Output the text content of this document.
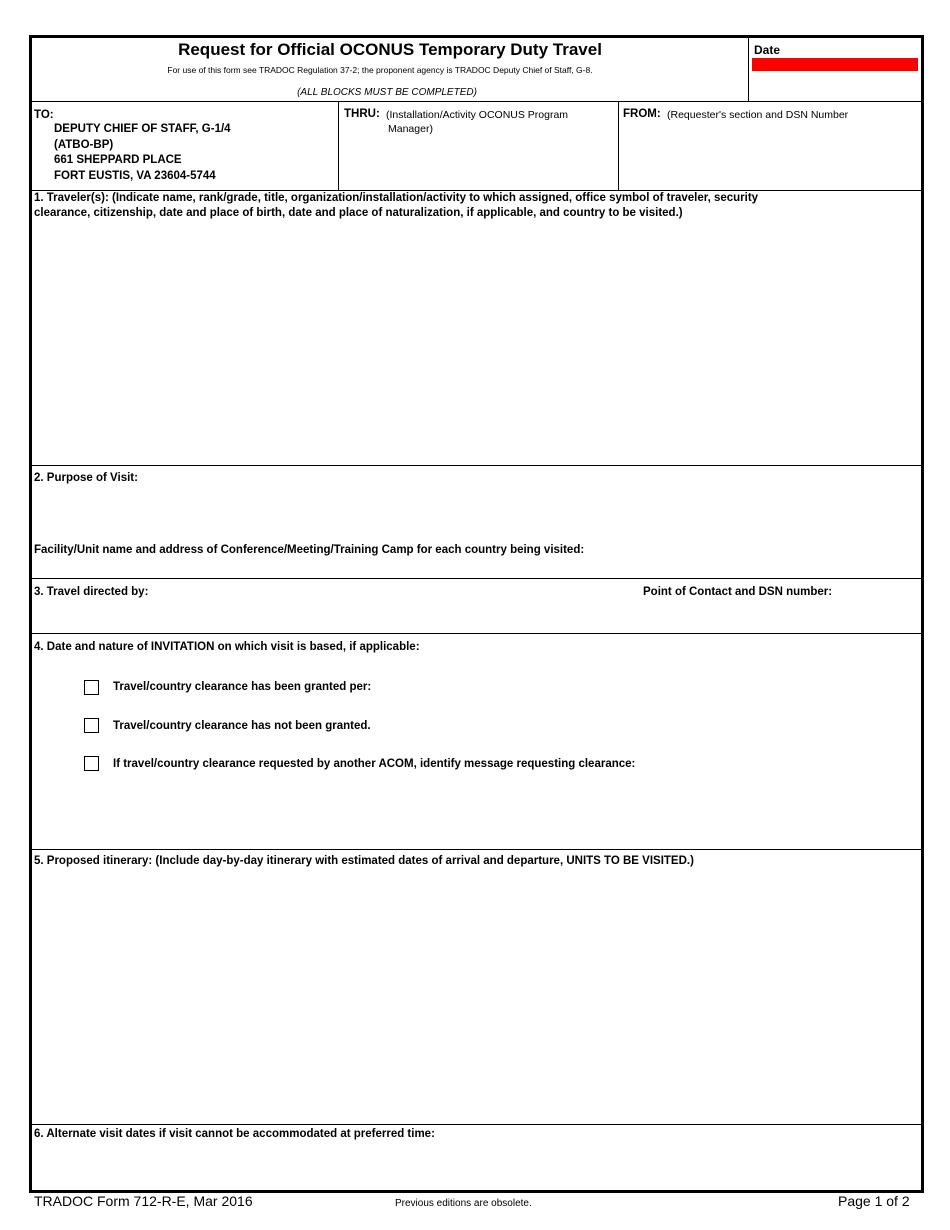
Request for Official OCONUS Temporary Duty Travel
For use of this form see TRADOC Regulation 37-2; the proponent agency is TRADOC Deputy Chief of Staff, G-8.
(ALL BLOCKS MUST BE COMPLETED)
Date
TO:
DEPUTY CHIEF OF STAFF, G-1/4
(ATBO-BP)
661 SHEPPARD PLACE
FORT EUSTIS, VA 23604-5744
THRU: (Installation/Activity OCONUS Program
Manager)
FROM: (Requester's section and DSN Number
1. Traveler(s): (Indicate name, rank/grade, title, organization/installation/activity to which assigned, office symbol of traveler, security
clearance, citizenship, date and place of birth, date and place of naturalization, if applicable, and country to be visited.)
2. Purpose of Visit:
Facility/Unit name and address of Conference/Meeting/Training Camp for each country being visited:
3. Travel directed by:	Point of Contact and DSN number:
4. Date and nature of INVITATION on which visit is based, if applicable:
Travel/country clearance has been granted per:
Travel/country clearance has not been granted.
If travel/country clearance requested by another ACOM, identify message requesting clearance:
5. Proposed itinerary: (Include day-by-day itinerary with estimated dates of arrival and departure, UNITS TO BE VISITED.)
6. Alternate visit dates if visit cannot be accommodated at preferred time:
TRADOC Form 712-R-E, Mar 2016	Previous editions are obsolete.	Page 1 of 2
